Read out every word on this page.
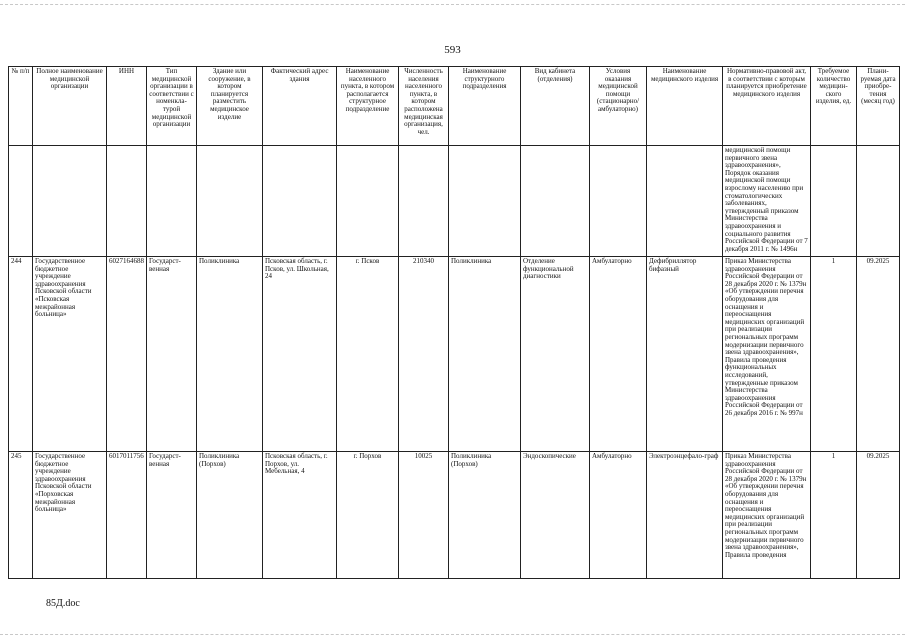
593
№ п/п	Полное наименование медицинской организации	ИНН	Тип медицинской организации в соответствии с номенкла-турой медицинской организации	Здание или сооружение, в котором планируется разместить медицинское изделие	Фактический адрес здания	Наименование населенного пункта, в котором располагается структурное подразделение	Численность населения населенного пункта, в котором расположена медицинская организация, чел.	Наименование структурного подразделения	Вид кабинета (отделения)	Условия оказания медицинской помощи (стационарно/ амбулаторно)	Наименование медицинского изделия	Нормативно-правовой акт, в соответствии с которым планируется приобретение медицинского изделия	Требуемое количество медицин-ского изделия, ед.	Плани-руемая дата приобре-тения (месяц год)
												медицинской помощи первичного звена здравоохранения», Порядок оказания медицинской помощи взрослому населению при стоматологических заболеваниях, утвержденный приказом Министерства здравоохранения и социального развития Российской Федерации от 7 декабря 2011 г. № 1496н		
244	Государственное бюджетное учреждение здравоохранения Псковской области «Псковская межрайонная больница»	6027164688	Государст-венная	Поликлиника	Псковская область, г. Псков, ул. Школьная, 24	г. Псков	210340	Поликлиника	Отделение функциональной диагностики	Амбулаторно	Дефибриллятор бифазный	Приказ Министерства здравоохранения Российской Федерации от 28 декабря 2020 г. № 1379н «Об утверждении перечня оборудования для оснащения и переоснащения медицинских организаций при реализации региональных программ модернизации первичного звена здравоохранения», Правила проведения функциональных исследований, утвержденные приказом Министерства здравоохранения Российской Федерации от 26 декабря 2016 г. № 997н	1	09.2025
245	Государственное бюджетное учреждение здравоохранения Псковской области «Порховская межрайонная больница»	6017011756	Государст-венная	Поликлиника (Порхов)	Псковская область, г. Порхов, ул. Мебельная, 4	г. Порхов	10025	Поликлиника (Порхов)	Эндоскопические	Амбулаторно	Электроэнцефало-граф	Приказ Министерства здравоохранения Российской Федерации от 28 декабря 2020 г. № 1379н «Об утверждении перечня оборудования для оснащения и переоснащения медицинских организаций при реализации региональных программ модернизации первичного звена здравоохранения», Правила проведения	1	09.2025
85Д.doc
